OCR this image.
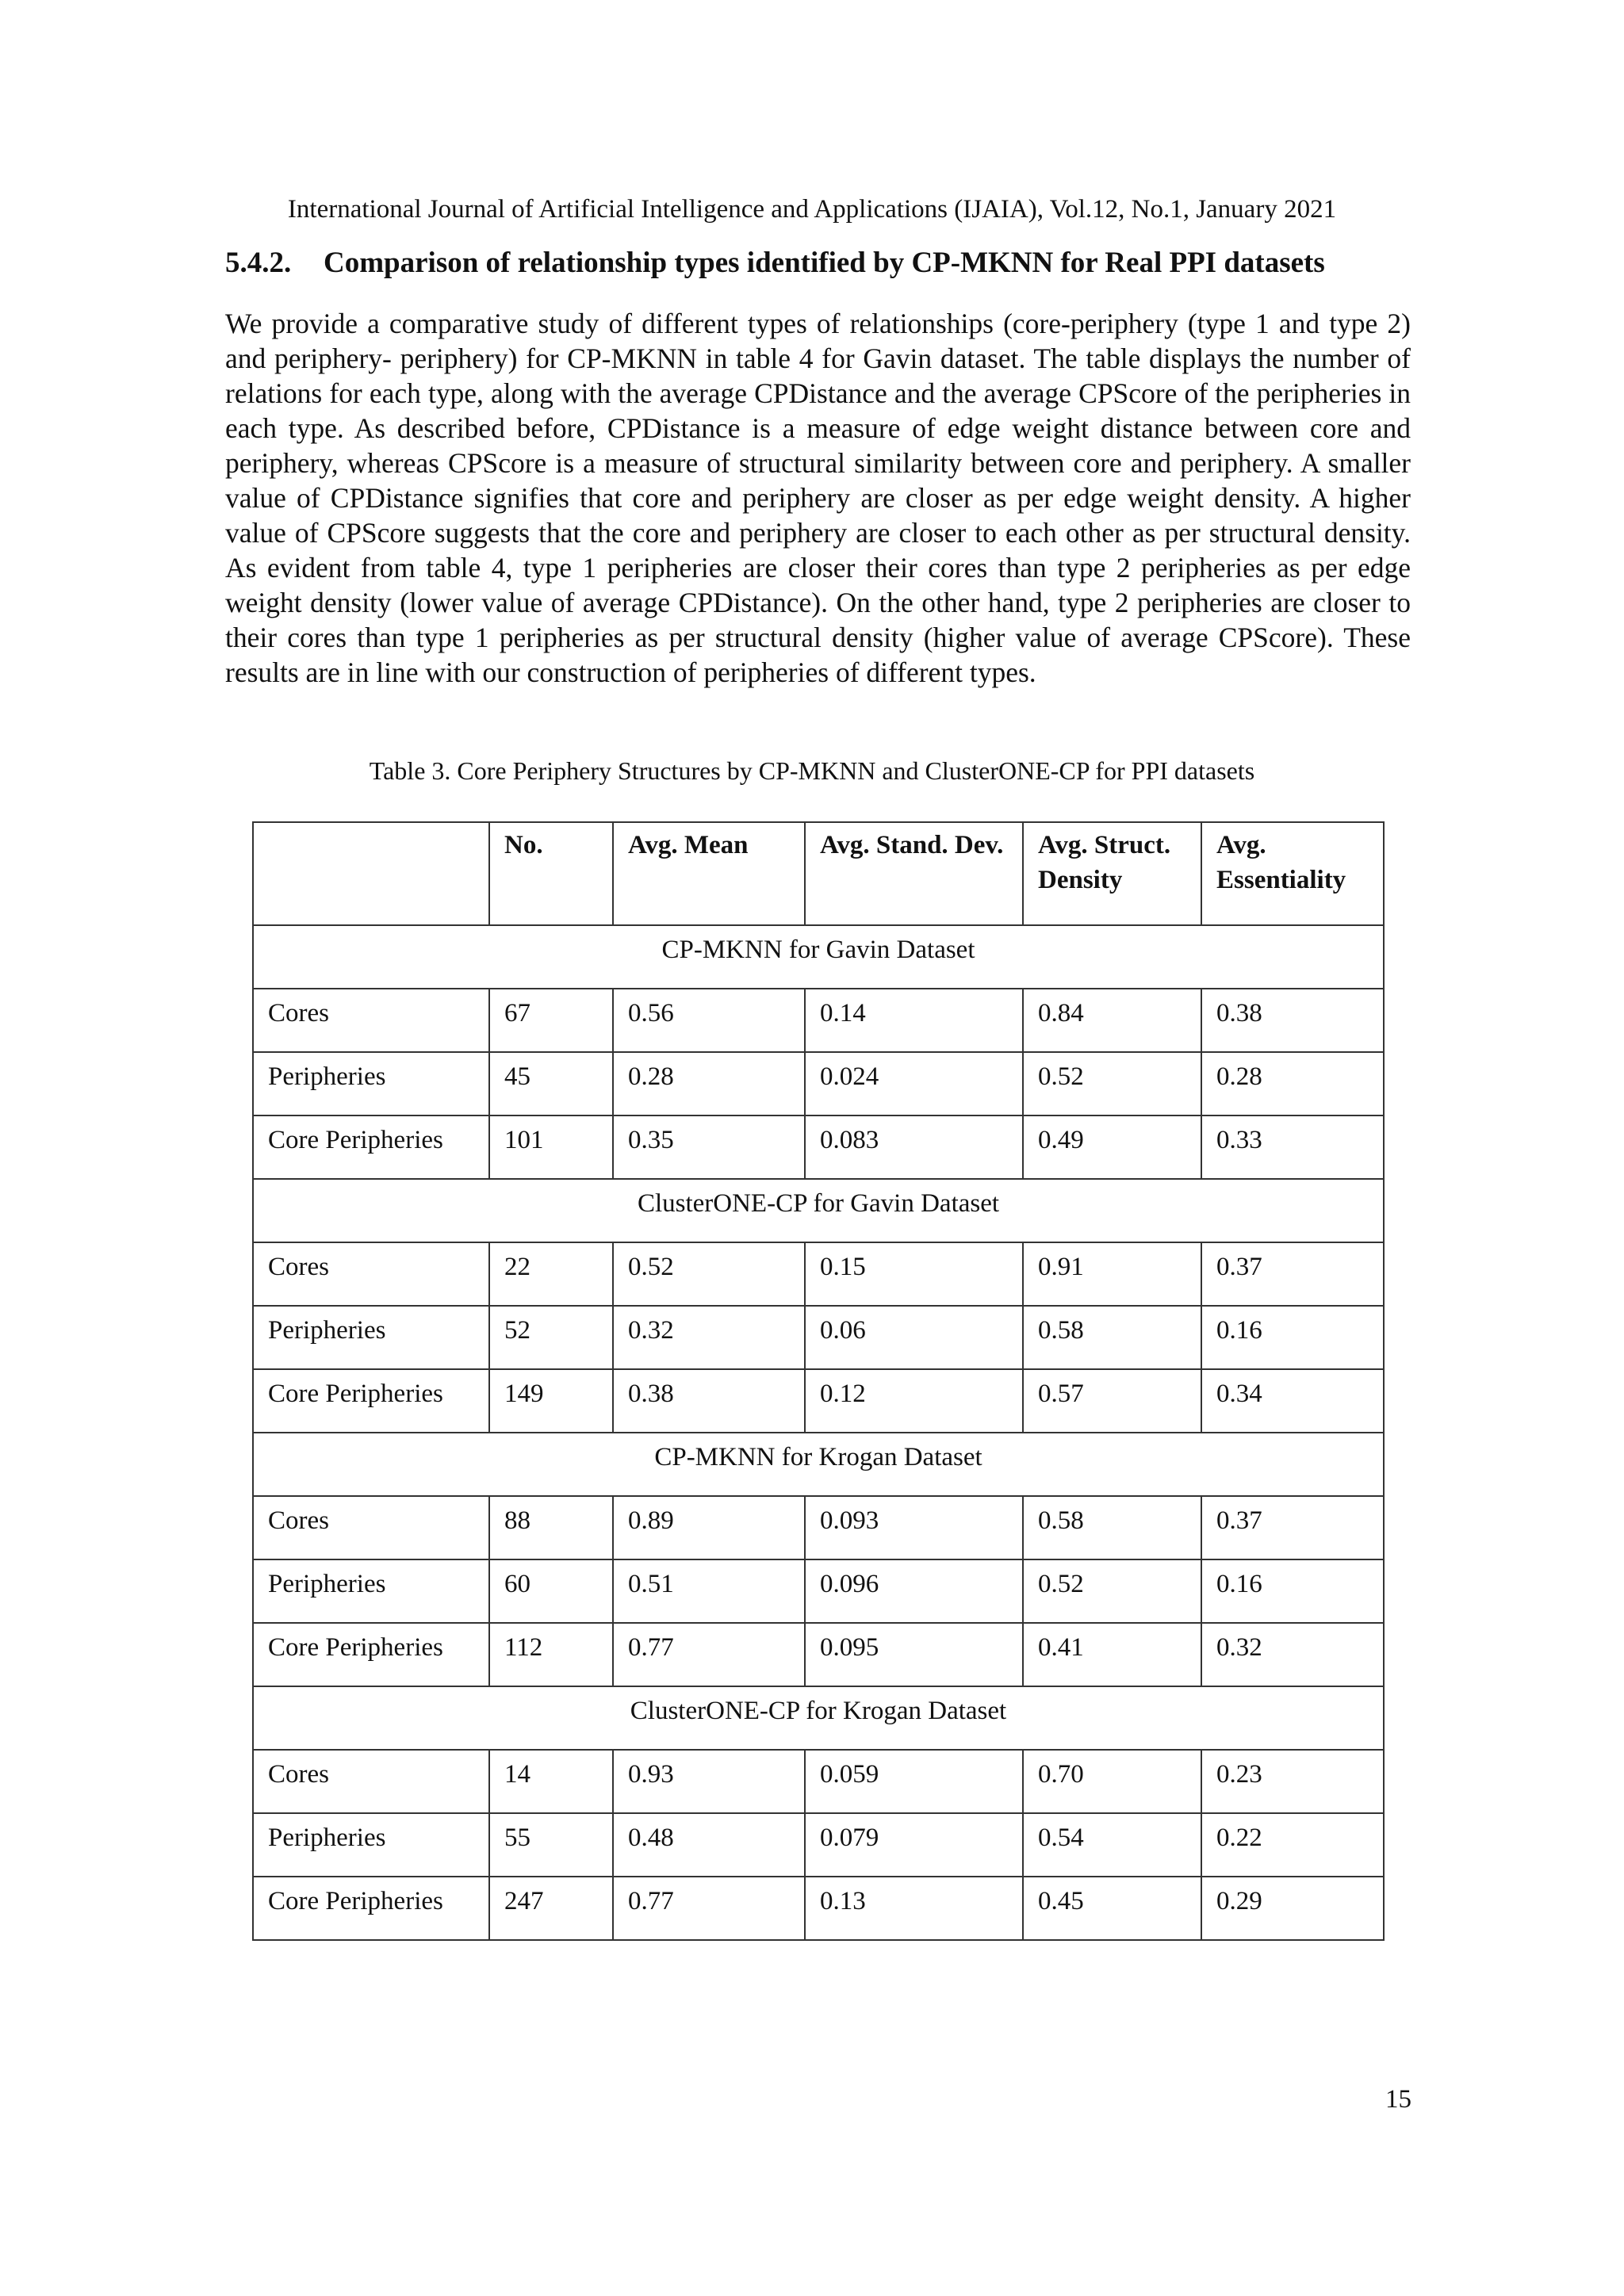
International Journal of Artificial Intelligence and Applications (IJAIA), Vol.12, No.1, January 2021
5.4.2. Comparison of relationship types identified by CP-MKNN for Real PPI datasets

We provide a comparative study of different types of relationships (core-periphery (type 1 and type 2) and periphery- periphery) for CP-MKNN in table 4 for Gavin dataset. The table displays the number of relations for each type, along with the average CPDistance and the average CPScore of the peripheries in each type. As described before, CPDistance is a measure of edge weight distance between core and periphery, whereas CPScore is a measure of structural similarity between core and periphery. A smaller value of CPDistance signifies that core and periphery are closer as per edge weight density. A higher value of CPScore suggests that the core and periphery are closer to each other as per structural density. As evident from table 4, type 1 peripheries are closer their cores than type 2 peripheries as per edge weight density (lower value of average CPDistance). On the other hand, type 2 peripheries are closer to their cores than type 1 peripheries as per structural density (higher value of average CPScore). These results are in line with our construction of peripheries of different types.

Table 3. Core Periphery Structures by CP-MKNN and ClusterONE-CP for PPI datasets
	No.	Avg. Mean	Avg. Stand. Dev.	Avg. Struct. Density	Avg. Essentiality
CP-MKNN for Gavin Dataset					
Cores	67	0.56	0.14	0.84	0.38
Peripheries	45	0.28	0.024	0.52	0.28
Core Peripheries	101	0.35	0.083	0.49	0.33
ClusterONE-CP for Gavin Dataset					
Cores	22	0.52	0.15	0.91	0.37
Peripheries	52	0.32	0.06	0.58	0.16
Core Peripheries	149	0.38	0.12	0.57	0.34
CP-MKNN for Krogan Dataset					
Cores	88	0.89	0.093	0.58	0.37
Peripheries	60	0.51	0.096	0.52	0.16
Core Peripheries	112	0.77	0.095	0.41	0.32
ClusterONE-CP for Krogan Dataset					
Cores	14	0.93	0.059	0.70	0.23
Peripheries	55	0.48	0.079	0.54	0.22
Core Peripheries	247	0.77	0.13	0.45	0.29
15
